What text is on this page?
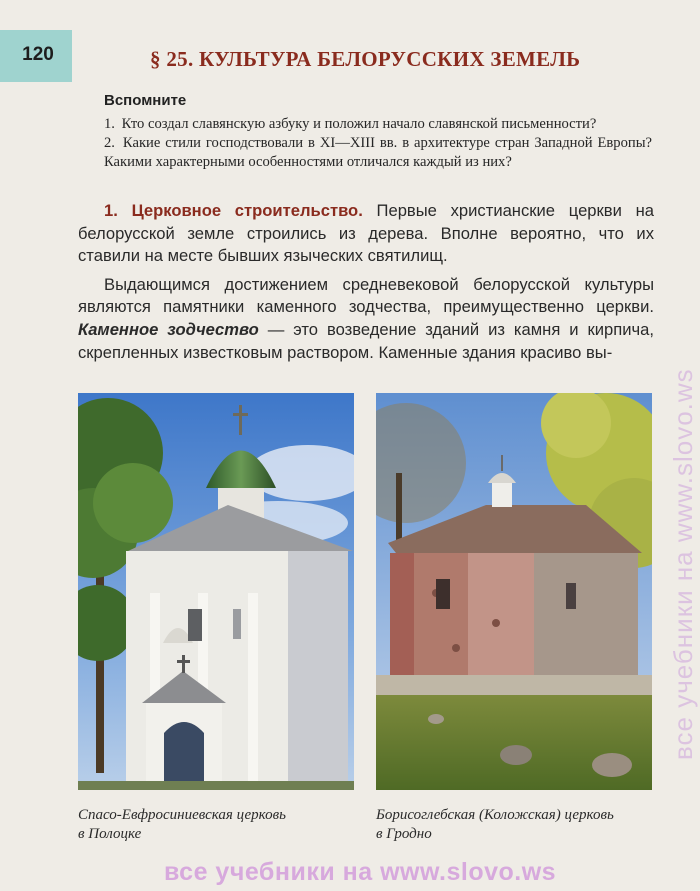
120	§ 25. КУЛЬТУРА БЕЛОРУССКИХ ЗЕМЕЛЬ
Вспомните
1. Кто создал славянскую азбуку и положил начало славянской письменности?
2. Какие стили господствовали в XI—XIII вв. в архитектуре стран Западной Европы? Какими характерными особенностями отличался каждый из них?

1. Церковное строительство. Первые христианские церкви на белорусской земле строились из дерева. Вполне вероятно, что их ставили на месте бывших языческих святилищ.

Выдающимся достижением средневековой белорусской культуры являются памятники каменного зодчества, преимущественно церкви. Каменное зодчество — это возведение зданий из камня и кирпича, скрепленных известковым раствором. Каменные здания красиво вы-

Спасо-Евфросиниевская церковь
в Полоцке
Борисоглебская (Коложская) церковь
в Гродно
все учебники на www.slovo.ws
все учебники на www.slovo.ws
